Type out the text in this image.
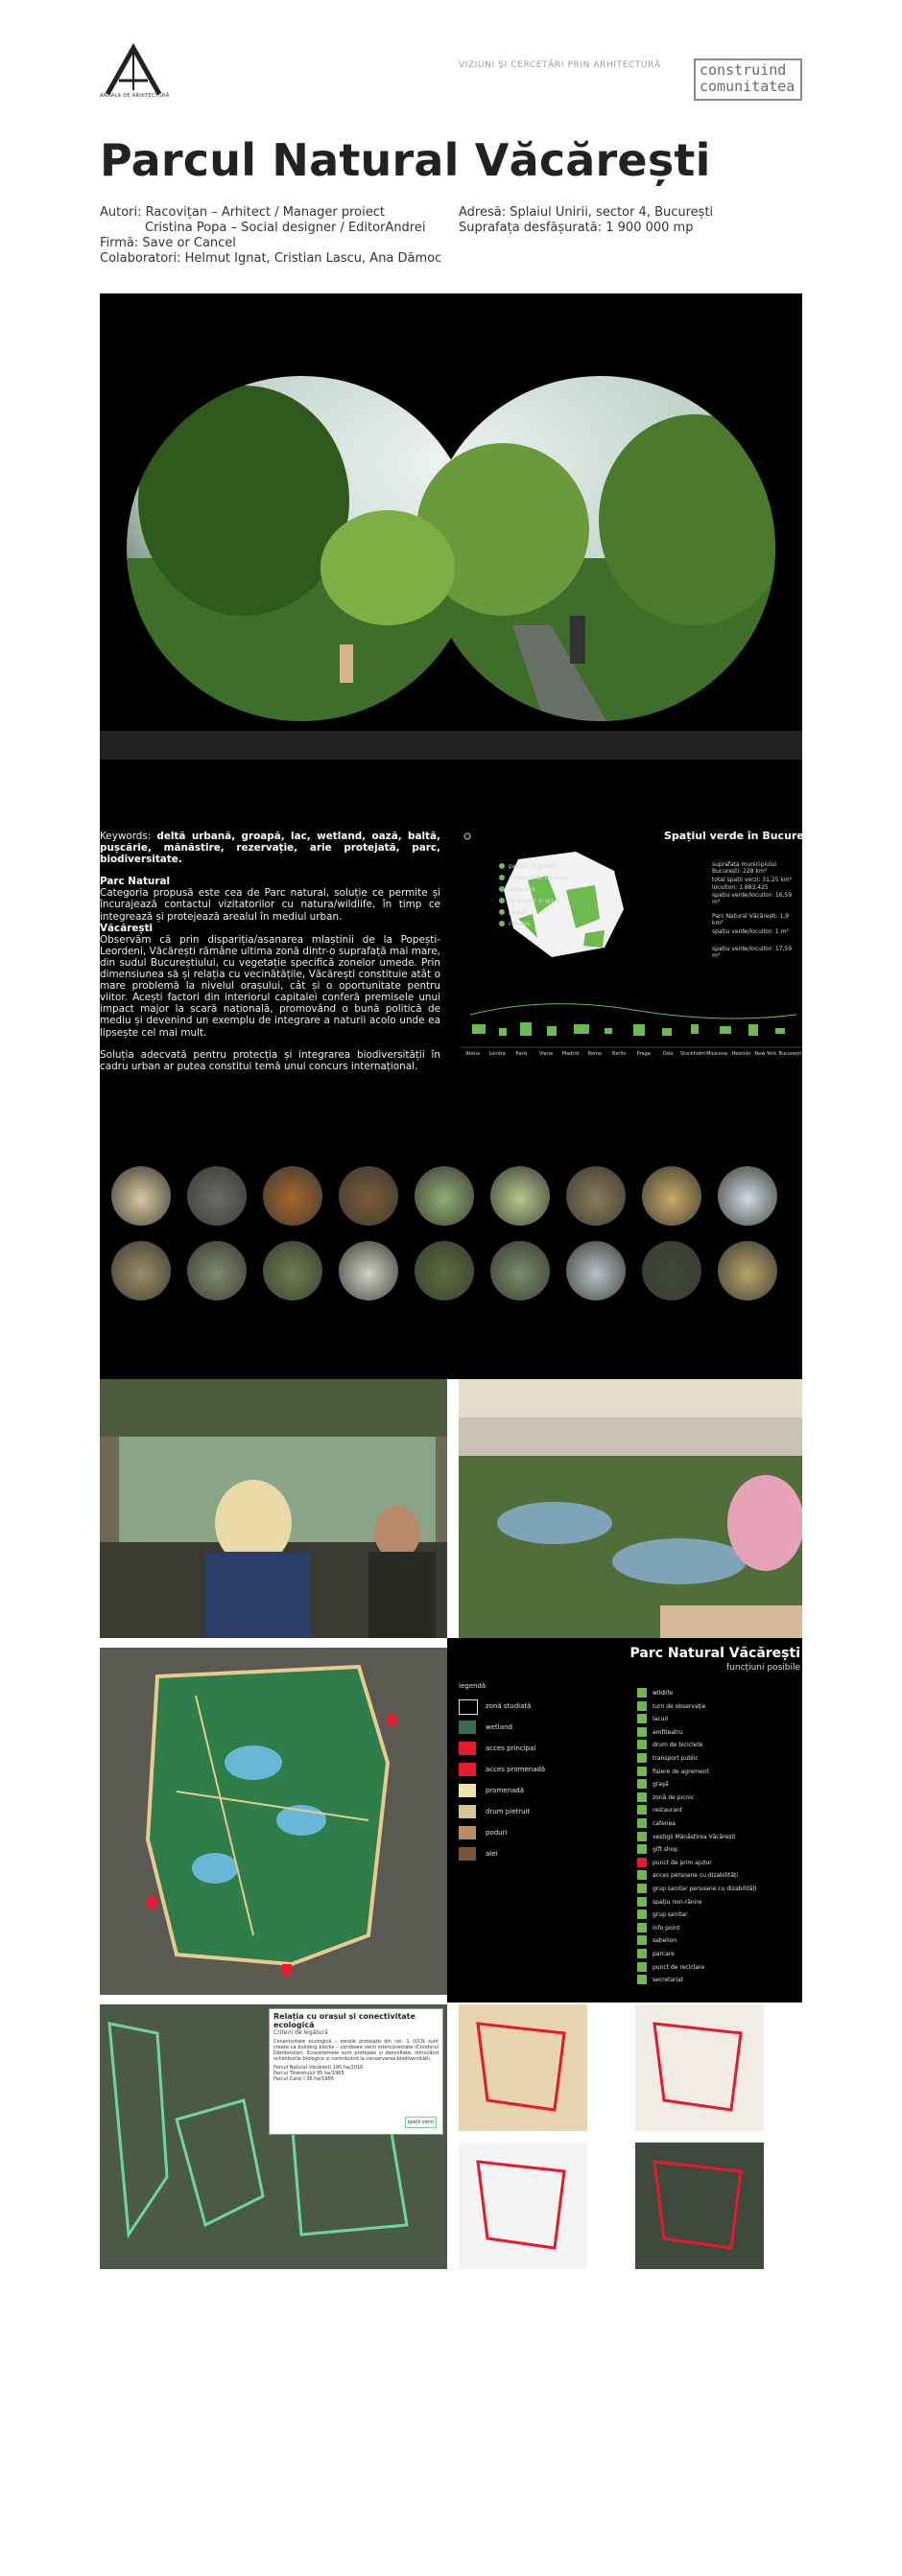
ANUALA DE ARHITECTURĂ
VIZIUNI ȘI CERCETĂRI PRIN ARHITECTURĂ	construind
comunitatea
Parcul Natural Văcărești
Autori: Racovițan – Arhitect / Manager proiect
Cristina Popa – Social designer / EditorAndrei
Firmă: Save or Cancel
Colaboratori: Helmut Ignat, Cristian Lascu, Ana Dămoc
Adresă: Splaiul Unirii, sector 4, București
Suprafața desfășurată: 1 900 000 mp

Keywords: deltă urbană, groapă, lac, wetland, oază, baltă, pușcărie, mănăstire, rezervație, arie protejată, parc, biodiversitate.

Parc Natural
Categoria propusă este cea de Parc natural, soluție ce permite și încurajează contactul vizitatorilor cu natura/wildlife, în timp ce integrează și protejează arealul în mediul urban.
Văcărești
Observăm că prin dispariția/asanarea mlaștinii de la Popești-Leordeni, Văcărești rămâne ultima zonă dintr-o suprafață mai mare, din sudul Bucureștiului, cu vegetație specifică zonelor umede. Prin dimensiunea să și relația cu vecinătățile, Văcărești constituie atât o mare problemă la nivelul orașului, cât și o oportunitate pentru viitor. Acești factori din interiorul capitalei conferă premisele unui impact major la scară națională, promovând o bună politică de mediu și devenind un exemplu de integrare a naturii acolo unde ea lipsește cel mai mult.

Soluția adecvată pentru protecția și integrarea biodiversității în cadru urban ar putea constitui temă unui concurs internațional.

Spațiul verde în București
parcuri și grădini
aliniamente stradale
pepiniere
agrement și sport
păduri
cimitire
suprafața municipiului București: 228 km²
total spații verzi: 31,25 km²
locuitori: 1.883.425
spațiu verde/locuitor: 16,59 m²
Parc Natural Văcărești: 1,9 km²
spațiu verde/locuitor: 1 m²
spațiu verde/locuitor: 17,59 m²
Atena	Londra	Paris	Viena	Madrid	Roma	Berlin	Praga	Oslo	Stockholm Moscova Helsinki New York București
Parc Natural Văcărești
funcțiuni posibile
legendă
zonă studiată
wetland
acces principal
acces promenadă
promenadă
drum pietruit
poduri
alei
wildlife
turn de observație
lacuri
amfiteatru
drum de biciclete
transport public
fișiere de agrement
graşă
zonă de picnic
restaurant
cafenea
vestigii Mănăstirea Văcărești
gift shop
punct de prim ajutor
acces persoane cu dizabilități
grup sanitar persoane cu dizabilități
spațiu non-rănire
grup sanitar
info point
sabelion
parcare
punct de reciclare
secretariat
Relația cu orașul și conectivitate ecologică
Criterii de legătură
Conectivitate ecologică – zonele protejate din cel. 1 (UCN sunt create ca building blocks – coridoare verzi interconectate (Coridorul Dâmboviței). Ecosistemele sunt protejate și dezvoltate, stimulând schimburile biologice și contribuind la conservarea biodiversității.
Parcul Natural Văcărești 190 ha/2016
Parcul Tineretului 95 ha/1965
Parcul Carol I 36 ha/1906
spații verzi
